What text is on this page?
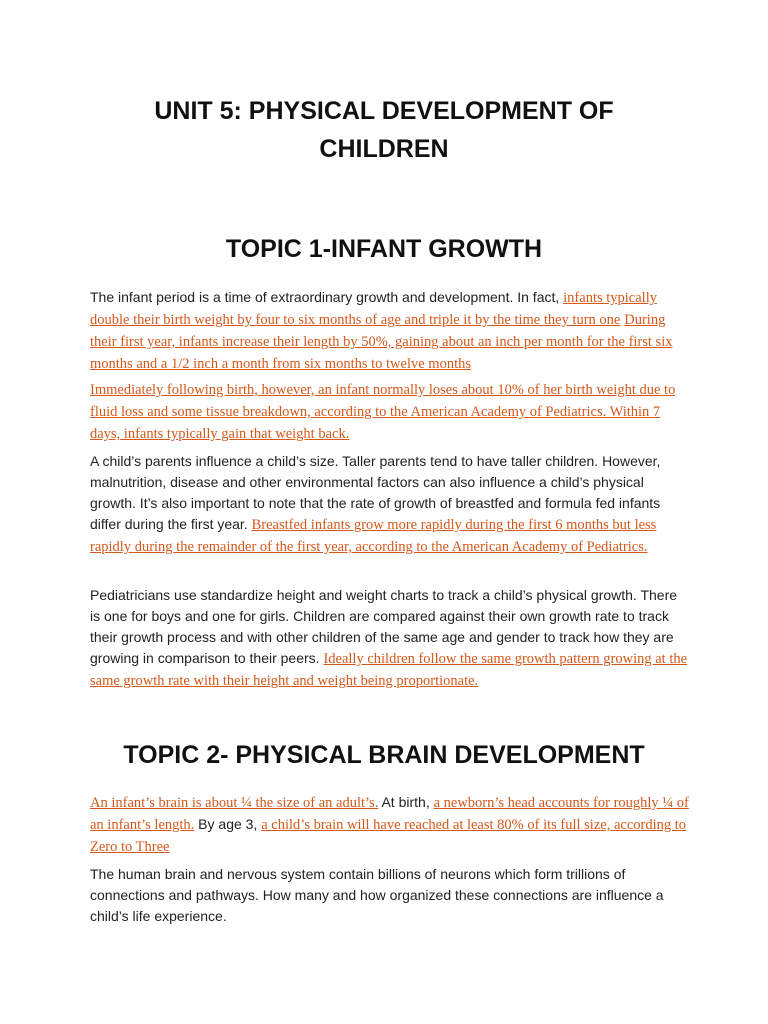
UNIT 5: PHYSICAL DEVELOPMENT OF CHILDREN
TOPIC 1-INFANT GROWTH

The infant period is a time of extraordinary growth and development. In fact, infants typically double their birth weight by four to six months of age and triple it by the time they turn one During their first year, infants increase their length by 50%, gaining about an inch per month for the first six months and a 1/2 inch a month from six months to twelve months

Immediately following birth, however, an infant normally loses about 10% of her birth weight due to fluid loss and some tissue breakdown, according to the American Academy of Pediatrics. Within 7 days, infants typically gain that weight back.

A child’s parents influence a child’s size. Taller parents tend to have taller children. However, malnutrition, disease and other environmental factors can also influence a child’s physical growth. It’s also important to note that the rate of growth of breastfed and formula fed infants differ during the first year. Breastfed infants grow more rapidly during the first 6 months but less rapidly during the remainder of the first year, according to the American Academy of Pediatrics.

Pediatricians use standardize height and weight charts to track a child’s physical growth. There is one for boys and one for girls. Children are compared against their own growth rate to track their growth process and with other children of the same age and gender to track how they are growing in comparison to their peers. Ideally children follow the same growth pattern growing at the same growth rate with their height and weight being proportionate.

TOPIC 2- PHYSICAL BRAIN DEVELOPMENT

An infant’s brain is about ¼ the size of an adult’s. At birth, a newborn’s head accounts for roughly ¼ of an infant’s length. By age 3, a child’s brain will have reached at least 80% of its full size, according to Zero to Three

The human brain and nervous system contain billions of neurons which form trillions of connections and pathways. How many and how organized these connections are influence a child’s life experience.
